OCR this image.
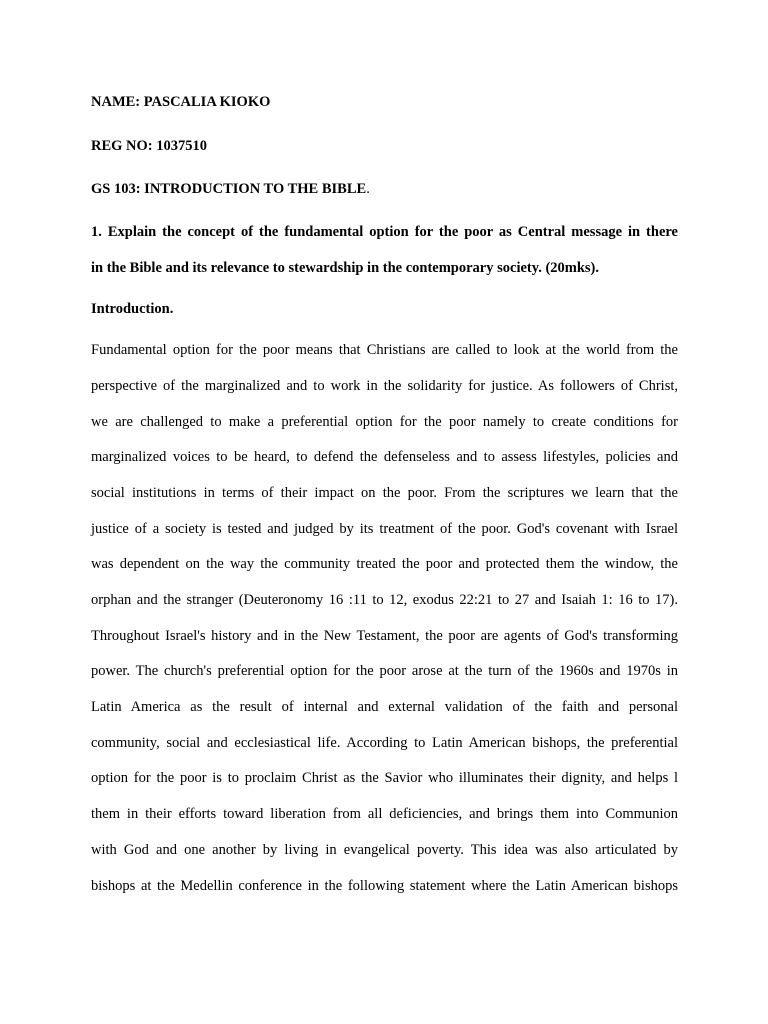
NAME: PASCALIA KIOKO

REG NO: 1037510

GS 103: INTRODUCTION TO THE BIBLE.

1. Explain the concept of the fundamental option for the poor as Central message in there
in the Bible and its relevance to stewardship in the contemporary society. (20mks).

Introduction.

Fundamental option for the poor means that Christians are called to look at the world from the
perspective of the marginalized and to work in the solidarity for justice. As followers of Christ,
we are challenged to make a preferential option for the poor namely to create conditions for
marginalized voices to be heard, to defend the defenseless and to assess lifestyles, policies and
social institutions in terms of their impact on the poor. From the scriptures we learn that the
justice of a society is tested and judged by its treatment of the poor. God's covenant with Israel
was dependent on the way the community treated the poor and protected them the window, the
orphan and the stranger (Deuteronomy 16 :11 to 12, exodus 22:21 to 27 and Isaiah 1: 16 to 17).
Throughout Israel's history and in the New Testament, the poor are agents of God's transforming
power. The church's preferential option for the poor arose at the turn of the 1960s and 1970s in
Latin America as the result of internal and external validation of the faith and personal
community, social and ecclesiastical life. According to Latin American bishops, the preferential
option for the poor is to proclaim Christ as the Savior who illuminates their dignity, and helps l
them in their efforts toward liberation from all deficiencies, and brings them into Communion
with God and one another by living in evangelical poverty. This idea was also articulated by
bishops at the Medellin conference in the following statement where the Latin American bishops
